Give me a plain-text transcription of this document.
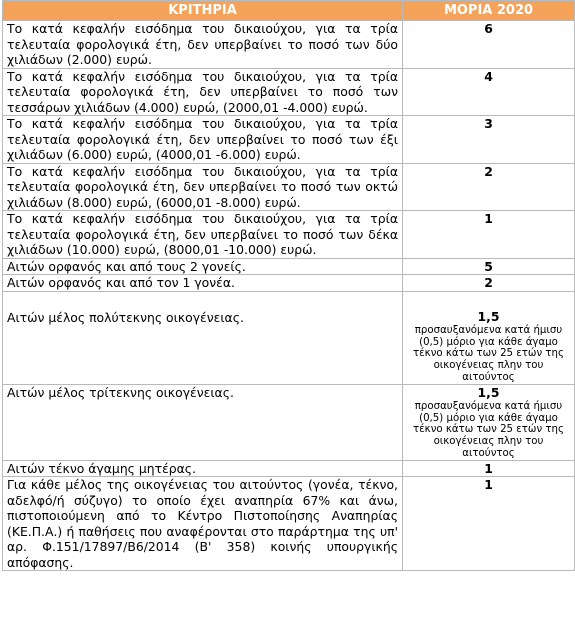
ΚΡΙΤΗΡΙΑ	ΜΟΡΙΑ 2020
Το κατά κεφαλήν εισόδημα του δικαιούχου, για τα τρία τελευταία φορολογικά έτη, δεν υπερβαίνει το ποσό των δύο χιλιάδων (2.000) ευρώ.	6
Το κατά κεφαλήν εισόδημα του δικαιούχου, για τα τρία τελευταία φορολογικά έτη, δεν υπερβαίνει το ποσό των τεσσάρων χιλιάδων (4.000) ευρώ, (2000,01 -4.000) ευρώ.	4
Το κατά κεφαλήν εισόδημα του δικαιούχου, για τα τρία τελευταία φορολογικά έτη, δεν υπερβαίνει το ποσό των έξι χιλιάδων (6.000) ευρώ, (4000,01 -6.000) ευρώ.	3
Το κατά κεφαλήν εισόδημα του δικαιούχου, για τα τρία τελευταία φορολογικά έτη, δεν υπερβαίνει το ποσό των οκτώ χιλιάδων (8.000) ευρώ, (6000,01 -8.000) ευρώ.	2
Το κατά κεφαλήν εισόδημα του δικαιούχου, για τα τρία τελευταία φορολογικά έτη, δεν υπερβαίνει το ποσό των δέκα χιλιάδων (10.000) ευρώ, (8000,01 -10.000) ευρώ.	1
Αιτών ορφανός και από τους 2 γονείς.	5
Αιτών ορφανός και από τον 1 γονέα.	2
Αιτών μέλος πολύτεκνης οικογένειας.	1,5
προσαυξανόμενα κατά ήμισυ (0,5) μόριο για κάθε άγαμο τέκνο κάτω των 25 ετών της οικογένειας πλην του αιτούντος

Αιτών μέλος τρίτεκνης οικογένειας.	1,5
προσαυξανόμενα κατά ήμισυ (0,5) μόριο για κάθε άγαμο τέκνο κάτω των 25 ετών της οικογένειας πλην του αιτούντος

Αιτών τέκνο άγαμης μητέρας.	1
Για κάθε μέλος της οικογένειας του αιτούντος (γονέα, τέκνο, αδελφό/ή σύζυγο) το οποίο έχει αναπηρία 67% και άνω, πιστοποιούμενη από το Κέντρο Πιστοποίησης Αναπηρίας (ΚΕ.Π.Α.) ή παθήσεις που αναφέρονται στο παράρτημα της υπ' αρ. Φ.151/17897/Β6/2014 (Β' 358) κοινής υπουργικής απόφασης.	1
